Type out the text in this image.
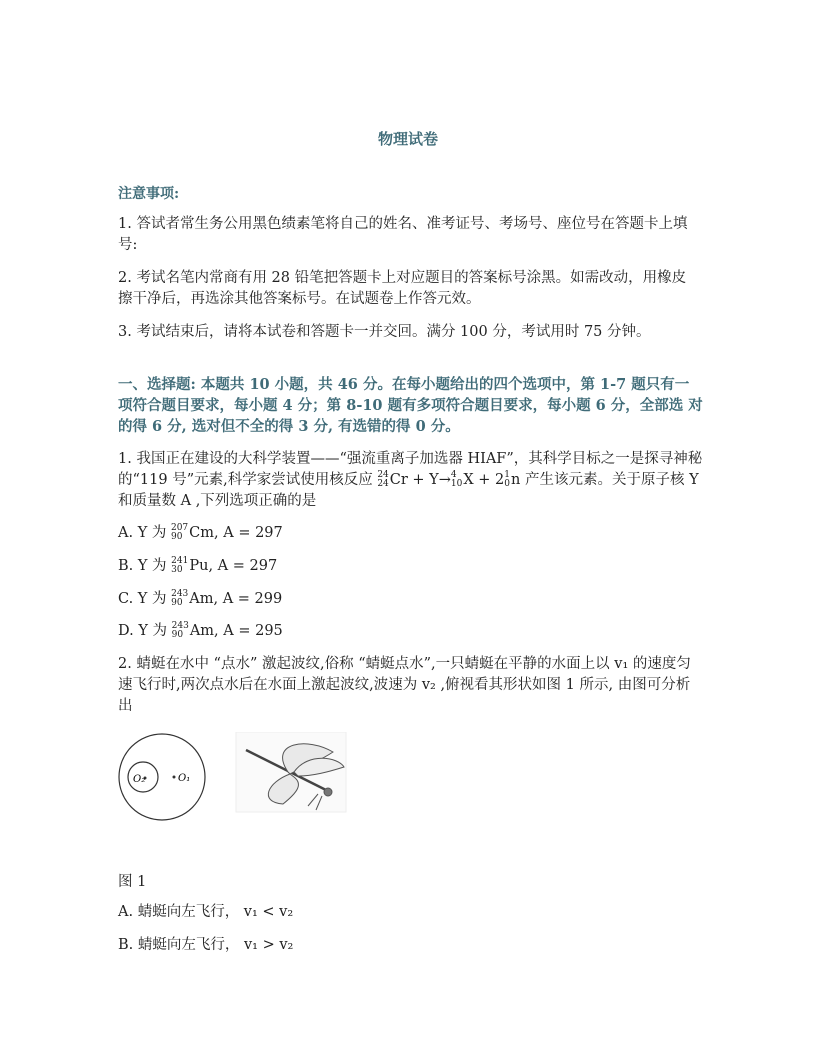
物理试卷
注意事项:
1. 答试者常生务公用黑色绩素笔将自己的姓名、准考证号、考场号、座位号在答题卡上填号:
2. 考试名笔内常商有用 28 铅笔把答题卡上对应题目的答案标号涂黑。如需改动，用橡皮擦干净后，再选涂其他答案标号。在试题卷上作答元效。
3. 考试结束后，请将本试卷和答题卡一并交回。满分 100 分，考试用时 75 分钟。
一、选择题: 本题共 10 小题，共 46 分。在每小题给出的四个选项中，第 1-7 题只有一 项符合题目要求，每小题 4 分；第 8-10 题有多项符合题目要求，每小题 6 分，全部选 对的得 6 分, 选对但不全的得 3 分, 有选错的得 0 分。
1. 我国正在建设的大科学装置——“强流重离子加选器 HIAF”，其科学目标之一是探寻神秘的“119 号”元素,科学家尝试使用核反应 24
24 Cr + Y→ 4
10 X + 2 1
0 n 产生该元素。关于原子核 Y 和质量数 A ,下列选项正确的是
A. Y 为 207
90 Cm, A = 297
B. Y 为 241
30 Pu, A = 297
C. Y 为 243
90 Am, A = 299
D. Y 为 243
90 Am, A = 295
2. 蜻蜓在水中 “点水” 激起波纹,俗称 “蜻蜓点水”,一只蜻蜓在平静的水面上以 v₁ 的速度匀速飞行时,两次点水后在水面上激起波纹,波速为 v₂ ,俯视看其形状如图 1 所示, 由图可分析出
O₂	O₁
图 1
A. 蜻蜓向左飞行， v₁ < v₂
B. 蜻蜓向左飞行， v₁ > v₂
